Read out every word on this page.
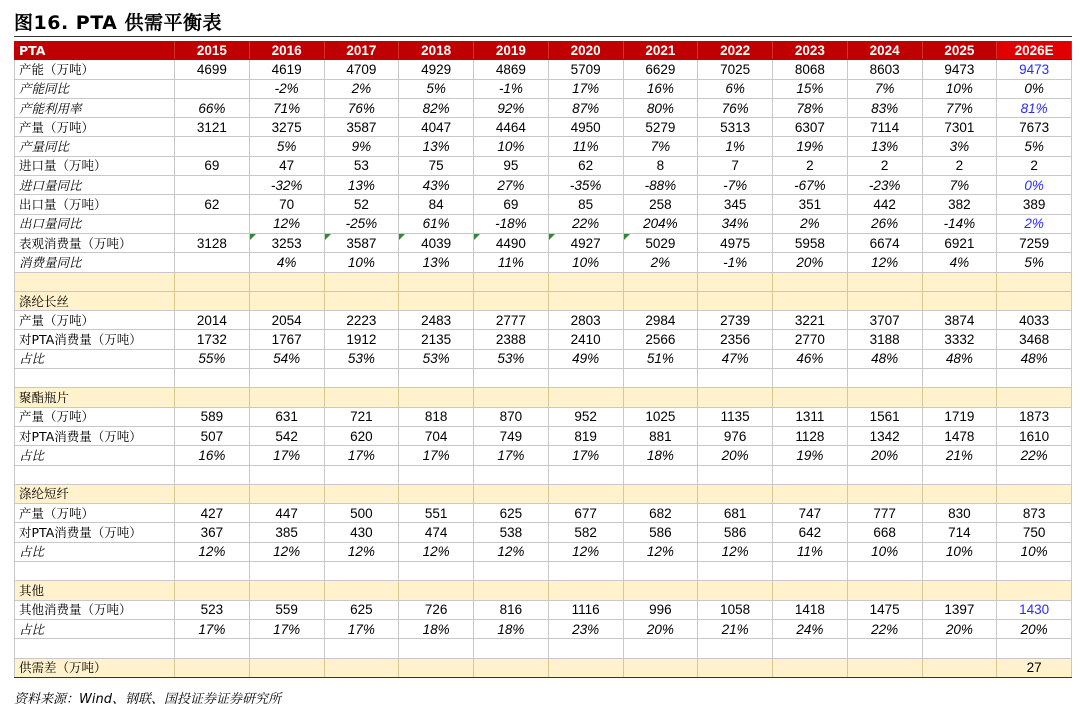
图16. PTA 供需平衡表
PTA	2015	2016	2017	2018	2019	2020	2021	2022	2023	2024	2025	2026E
产能（万吨）	4699	4619	4709	4929	4869	5709	6629	7025	8068	8603	9473	9473
产能同比		-2%	2%	5%	-1%	17%	16%	6%	15%	7%	10%	0%
产能利用率	66%	71%	76%	82%	92%	87%	80%	76%	78%	83%	77%	81%
产量（万吨）	3121	3275	3587	4047	4464	4950	5279	5313	6307	7114	7301	7673
产量同比		5%	9%	13%	10%	11%	7%	1%	19%	13%	3%	5%
进口量（万吨）	69	47	53	75	95	62	8	7	2	2	2	2
进口量同比		-32%	13%	43%	27%	-35%	-88%	-7%	-67%	-23%	7%	0%
出口量（万吨）	62	70	52	84	69	85	258	345	351	442	382	389
出口量同比		12%	-25%	61%	-18%	22%	204%	34%	2%	26%	-14%	2%
表观消费量（万吨）	3128	3253	3587	4039	4490	4927	5029	4975	5958	6674	6921	7259
消费量同比		4%	10%	13%	11%	10%	2%	-1%	20%	12%	4%	5%

涤纶长丝												
产量（万吨）	2014	2054	2223	2483	2777	2803	2984	2739	3221	3707	3874	4033
对PTA消费量（万吨）	1732	1767	1912	2135	2388	2410	2566	2356	2770	3188	3332	3468
占比	55%	54%	53%	53%	53%	49%	51%	47%	46%	48%	48%	48%

聚酯瓶片												
产量（万吨）	589	631	721	818	870	952	1025	1135	1311	1561	1719	1873
对PTA消费量（万吨）	507	542	620	704	749	819	881	976	1128	1342	1478	1610
占比	16%	17%	17%	17%	17%	17%	18%	20%	19%	20%	21%	22%

涤纶短纤												
产量（万吨）	427	447	500	551	625	677	682	681	747	777	830	873
对PTA消费量（万吨）	367	385	430	474	538	582	586	586	642	668	714	750
占比	12%	12%	12%	12%	12%	12%	12%	12%	11%	10%	10%	10%

其他												
其他消费量（万吨）	523	559	625	726	816	1116	996	1058	1418	1475	1397	1430
占比	17%	17%	17%	18%	18%	23%	20%	21%	24%	22%	20%	20%

供需差（万吨）												27
资料来源：Wind、钢联、国投证券证券研究所
